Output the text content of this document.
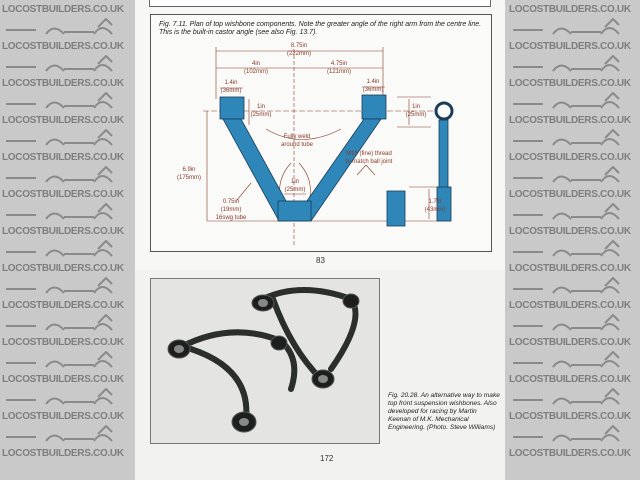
LOCOSTBUILDERS.CO.UK
LOCOSTBUILDERS.CO.UK
LOCOSTBUILDERS.CO.UK
LOCOSTBUILDERS.CO.UK
LOCOSTBUILDERS.CO.UK
LOCOSTBUILDERS.CO.UK
LOCOSTBUILDERS.CO.UK
LOCOSTBUILDERS.CO.UK
LOCOSTBUILDERS.CO.UK
LOCOSTBUILDERS.CO.UK
LOCOSTBUILDERS.CO.UK
LOCOSTBUILDERS.CO.UK
LOCOSTBUILDERS.CO.UK
LOCOSTBUILDERS.CO.UK
LOCOSTBUILDERS.CO.UK
LOCOSTBUILDERS.CO.UK
LOCOSTBUILDERS.CO.UK
LOCOSTBUILDERS.CO.UK
LOCOSTBUILDERS.CO.UK
LOCOSTBUILDERS.CO.UK
LOCOSTBUILDERS.CO.UK
LOCOSTBUILDERS.CO.UK
LOCOSTBUILDERS.CO.UK
LOCOSTBUILDERS.CO.UK
LOCOSTBUILDERS.CO.UK
LOCOSTBUILDERS.CO.UK
Fig. 7.11. Plan of top wishbone components. Note the greater angle of the right arm from the centre line. This is the built-in castor angle (see also Fig. 13.7).
8.75in
(222mm)
4in
(102mm)
4.75in
(121mm)
1.4in
(36mm)
1.4in
(36mm)
1in
(25mm)
1in
(25mm)
Fully weld
around tube
6.9in
(175mm)
0.75in
(19mm)
16swg tube
1in
(25mm)
M18 (fine) thread
to match ball joint
1.7in
(43mm)
83
Fig. 20.28. An alternative way to make top front suspension wishbones. Also developed for racing by Martin Keenan of M.K. Mechanical Engineering. (Photo. Steve Williams)
172
